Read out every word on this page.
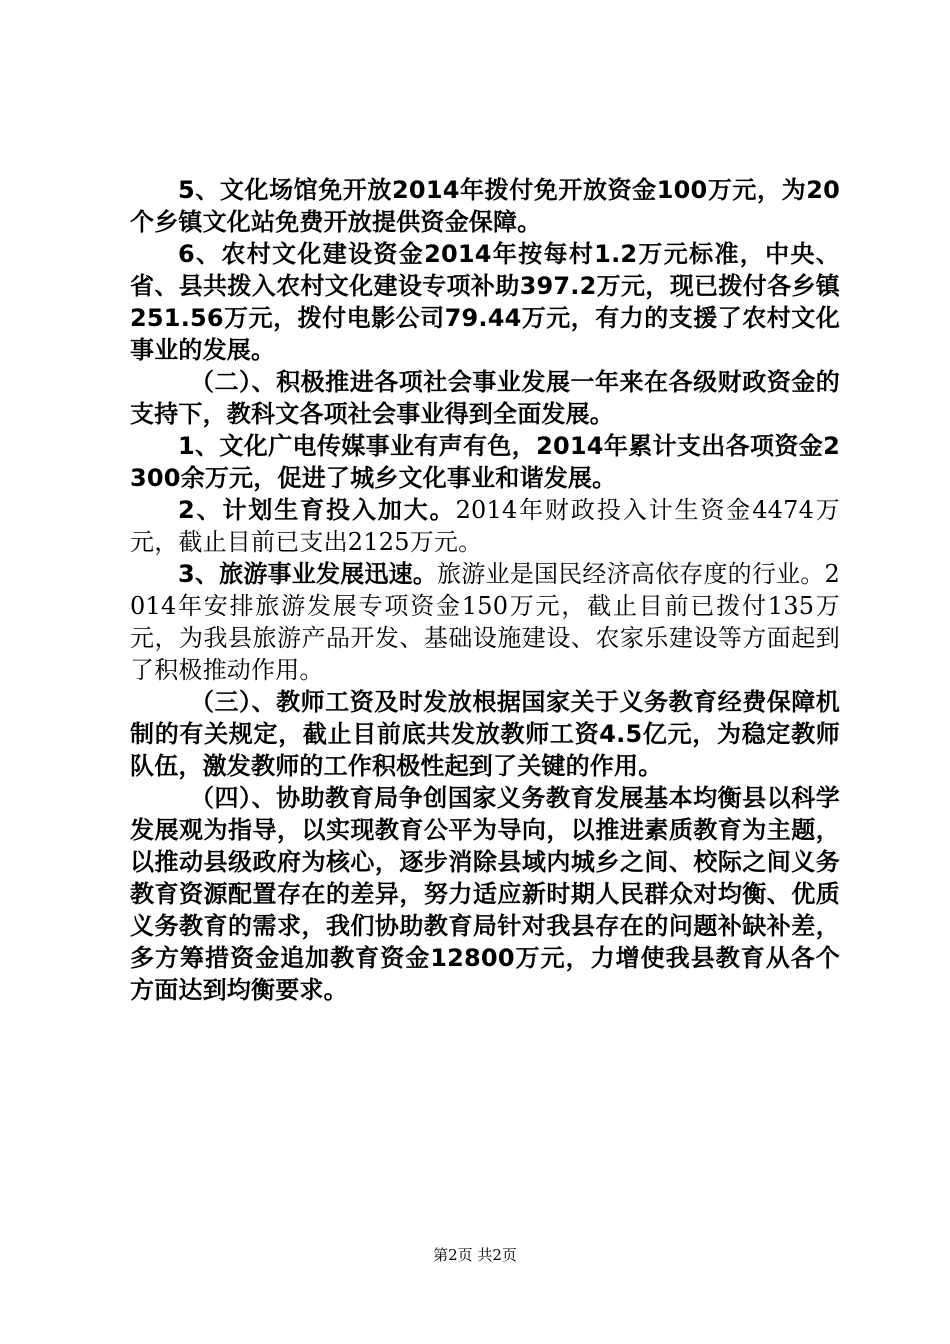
5、文化场馆免开放2014年拨付免开放资金100万元，为20个乡镇文化站免费开放提供资金保障。

6、农村文化建设资金2014年按每村1.2万元标准，中央、省、县共拨入农村文化建设专项补助397.2万元，现已拨付各乡镇251.56万元，拨付电影公司79.44万元，有力的支援了农村文化事业的发展。

（二）、积极推进各项社会事业发展一年来在各级财政资金的支持下，教科文各项社会事业得到全面发展。

1、文化广电传媒事业有声有色，2014年累计支出各项资金2300余万元，促进了城乡文化事业和谐发展。

2、计划生育投入加大。2014年财政投入计生资金4474万元，截止目前已支出2125万元。

3、旅游事业发展迅速。旅游业是国民经济高依存度的行业。2014年安排旅游发展专项资金150万元，截止目前已拨付135万元，为我县旅游产品开发、基础设施建设、农家乐建设等方面起到了积极推动作用。

（三）、教师工资及时发放根据国家关于义务教育经费保障机制的有关规定，截止目前底共发放教师工资4.5亿元，为稳定教师队伍，激发教师的工作积极性起到了关键的作用。

（四）、协助教育局争创国家义务教育发展基本均衡县以科学发展观为指导，以实现教育公平为导向，以推进素质教育为主题，以推动县级政府为核心，逐步消除县域内城乡之间、校际之间义务教育资源配置存在的差异，努力适应新时期人民群众对均衡、优质义务教育的需求，我们协助教育局针对我县存在的问题补缺补差，多方筹措资金追加教育资金12800万元，力增使我县教育从各个方面达到均衡要求。

第2页 共2页
